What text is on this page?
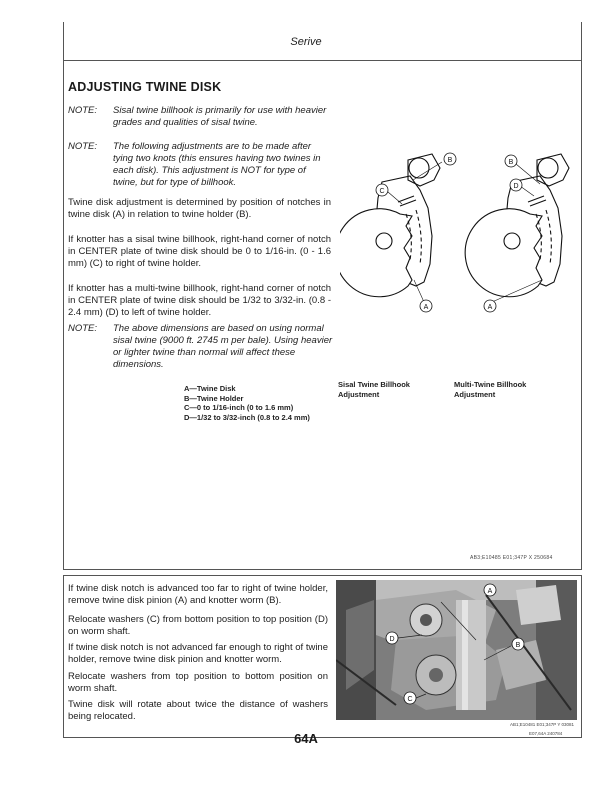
Serive
ADJUSTING TWINE DISK
NOTE:	Sisal twine billhook is primarily for use with heavier grades and qualities of sisal twine.
NOTE:	The following adjustments are to be made after tying two knots (this ensures having two twines in each disk). This adjustment is NOT for type of twine, but for type of billhook.
Twine disk adjustment is determined by position of notches in twine disk (A) in relation to twine holder (B).
If knotter has a sisal twine billhook, right-hand corner of notch in CENTER plate of twine disk should be 0 to 1/16-in. (0 - 1.6 mm) (C) to right of twine holder.
If knotter has a multi-twine billhook, right-hand corner of notch in CENTER plate of twine disk should be 1/32 to 3/32-in. (0.8 - 2.4 mm) (D) to left of twine holder.
NOTE:	The above dimensions are based on using normal sisal twine (9000 ft. 2745 m per bale). Using heavier or lighter twine than normal will affect these dimensions.
B
C
A
B
D
A
A—Twine Disk
B—Twine Holder
C—0 to 1/16-inch (0 to 1.6 mm)
D—1/32 to 3/32-inch (0.8 to 2.4 mm)
Sisal Twine Billhook
Adjustment
Multi-Twine Billhook
Adjustment
AB3;E10485 E01;347P X 250684
If twine disk notch is advanced too far to right of twine holder, remove twine disk pinion (A) and knotter worm (B).
Relocate washers (C) from bottom position to top position (D) on worm shaft.
If twine disk notch is not advanced far enough to right of twine holder, remove twine disk pinion and knotter worm.
Relocate washers from top position to bottom position on worm shaft.
Twine disk will rotate about twice the distance of washers being relocated.
A
D
B
C
AB1;E10481 E01;347P Y 03081
E07,64A 240784
64A
